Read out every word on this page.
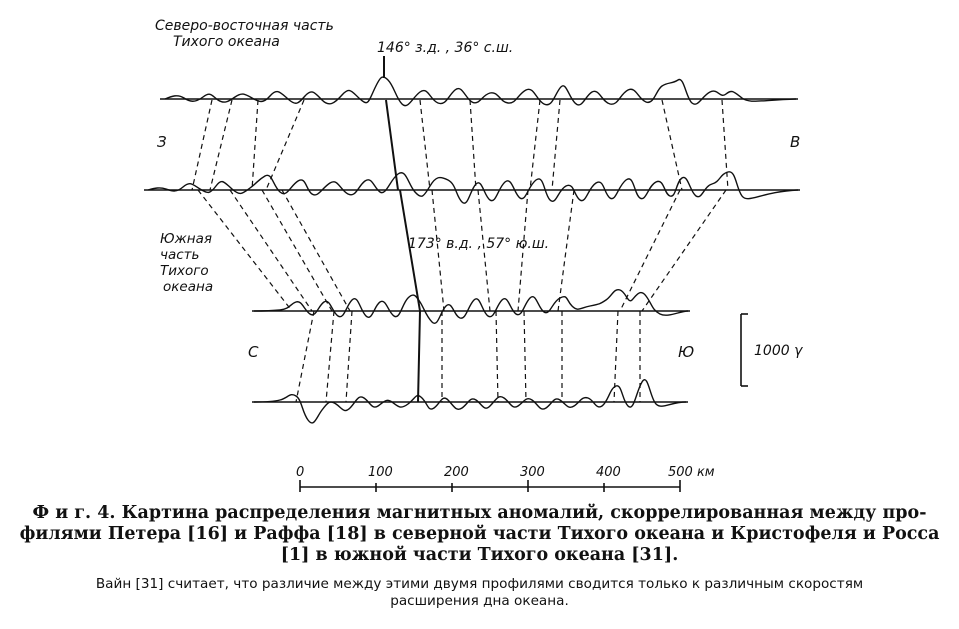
Северо-восточная часть
Тихого океана
Южная
часть
Тихого
океана
З	В
С	Ю
146° з.д. , 36° с.ш.
173° в.д. , 57° ю.ш.
1000 γ
0	100	200	300	400	500 км
Ф и г. 4. Картина распределения магнитных аномалий, скоррелированная между про-
филями Петера [16] и Раффа [18] в северной части Тихого океана и Кристофеля и Росса
[1] в южной части Тихого океана [31].
Вайн [31] считает, что различие между этими двумя профилями сводится только к различным скоростям
расширения дна океана.
